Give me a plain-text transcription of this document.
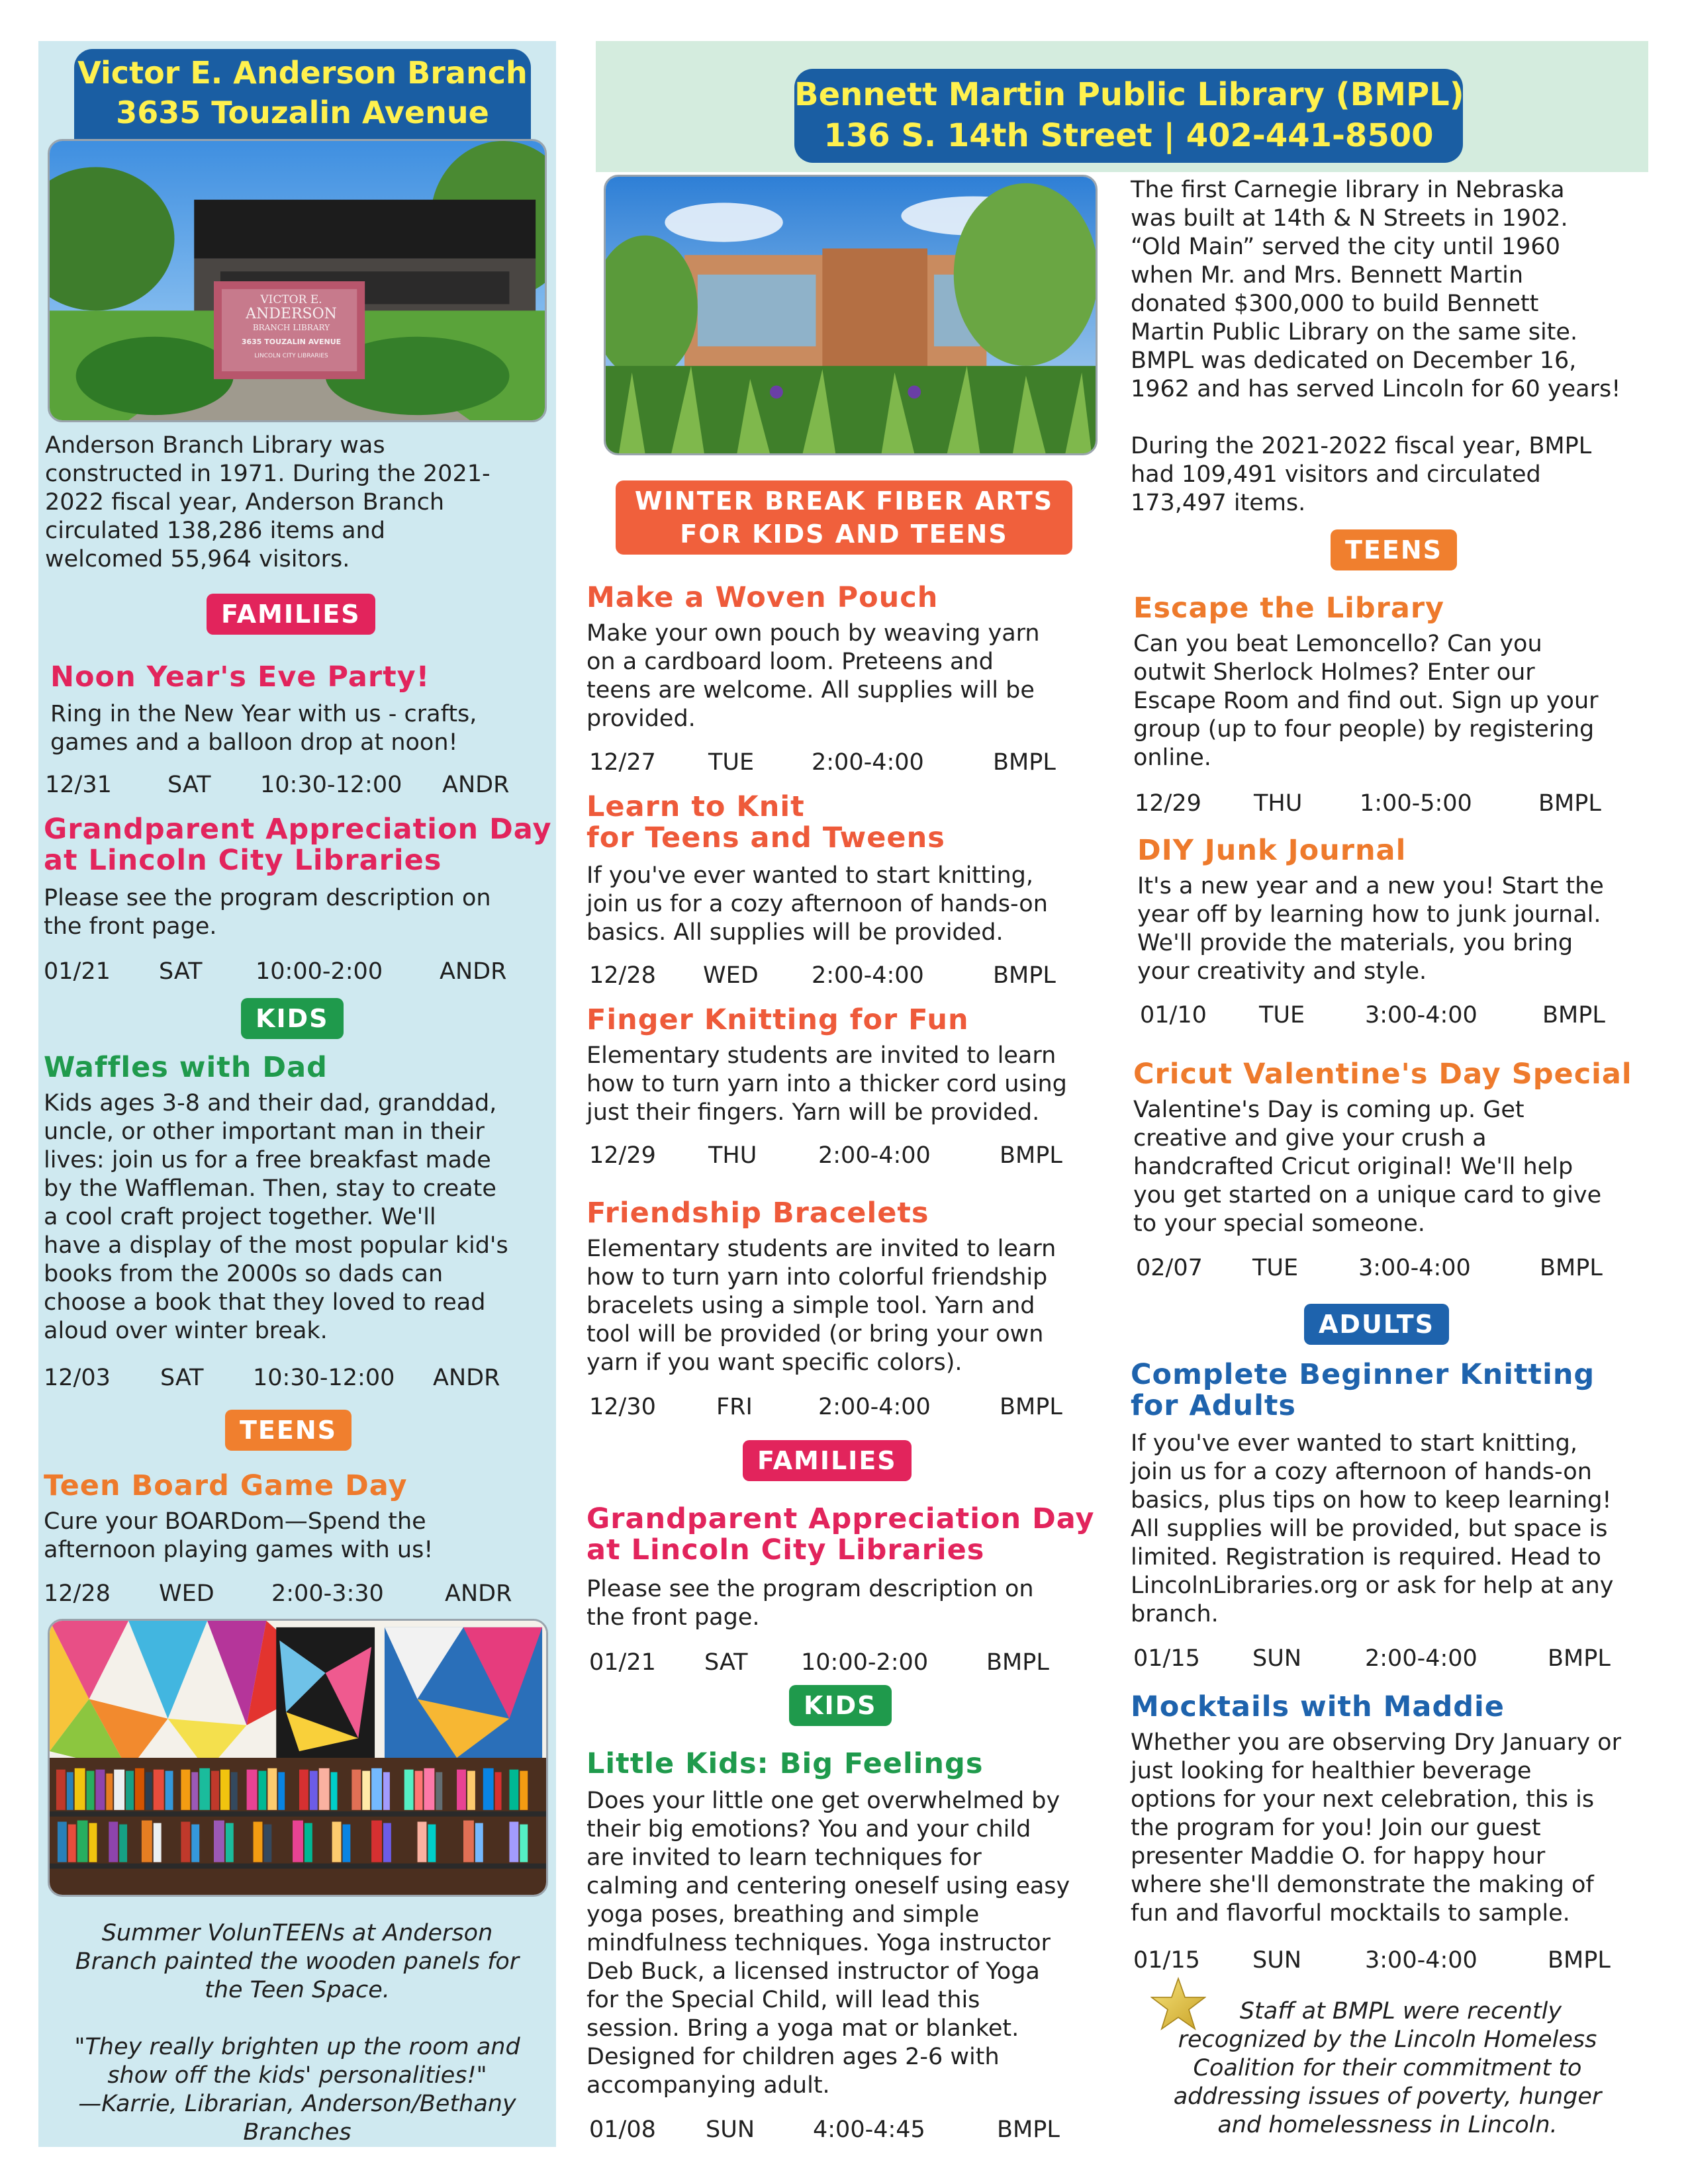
Victor E. Anderson Branch
3635 Touzalin Avenue
VICTOR E.
ANDERSON
BRANCH LIBRARY
3635 TOUZALIN AVENUE
LINCOLN CITY LIBRARIES
Anderson Branch Library was
constructed in 1971. During the 2021-
2022 fiscal year, Anderson Branch
circulated 138,286 items and
welcomed 55,964 visitors.
FAMILIES
Noon Year's Eve Party!
Ring in the New Year with us - crafts,
games and a balloon drop at noon!
12/31 SAT 10:30-12:00 ANDR
Grandparent Appreciation Day
at Lincoln City Libraries
Please see the program description on
the front page.
01/21 SAT 10:00-2:00 ANDR
KIDS
Waffles with Dad
Kids ages 3-8 and their dad, granddad,
uncle, or other important man in their
lives: join us for a free breakfast made
by the Waffleman. Then, stay to create
a cool craft project together. We'll
have a display of the most popular kid's
books from the 2000s so dads can
choose a book that they loved to read
aloud over winter break.
12/03 SAT 10:30-12:00 ANDR
TEENS
Teen Board Game Day
Cure your BOARDom—Spend the
afternoon playing games with us!
12/28 WED 2:00-3:30	ANDR
Summer VolunTEENs at Anderson
Branch painted the wooden panels for
the Teen Space.
"They really brighten up the room and
show off the kids' personalities!"
—Karrie, Librarian, Anderson/Bethany
Branches
Bennett Martin Public Library (BMPL)
136 S. 14th Street | 402-441-8500
The first Carnegie library in Nebraska
was built at 14th & N Streets in 1902.
“Old Main” served the city until 1960
when Mr. and Mrs. Bennett Martin
donated $300,000 to build Bennett
Martin Public Library on the same site.
BMPL was dedicated on December 16,
1962 and has served Lincoln for 60 years!
During the 2021-2022 fiscal year, BMPL
had 109,491 visitors and circulated
173,497 items.
WINTER BREAK FIBER ARTS
FOR KIDS AND TEENS
Make a Woven Pouch
Make your own pouch by weaving yarn
on a cardboard loom. Preteens and
teens are welcome. All supplies will be
provided.
12/27 TUE 2:00-4:00	BMPL
Learn to Knit
for Teens and Tweens
If you've ever wanted to start knitting,
join us for a cozy afternoon of hands-on
basics. All supplies will be provided.
12/28 WED 2:00-4:00	BMPL
Finger Knitting for Fun
Elementary students are invited to learn
how to turn yarn into a thicker cord using
just their fingers. Yarn will be provided.
12/29 THU	2:00-4:00	BMPL
Friendship Bracelets
Elementary students are invited to learn
how to turn yarn into colorful friendship
bracelets using a simple tool. Yarn and
tool will be provided (or bring your own
yarn if you want specific colors).
12/30	FRI	2:00-4:00	BMPL
FAMILIES
Grandparent Appreciation Day
at Lincoln City Libraries
Please see the program description on
the front page.
01/21 SAT 10:00-2:00	BMPL
KIDS
Little Kids: Big Feelings
Does your little one get overwhelmed by
their big emotions? You and your child
are invited to learn techniques for
calming and centering oneself using easy
yoga poses, breathing and simple
mindfulness techniques. Yoga instructor
Deb Buck, a licensed instructor of Yoga
for the Special Child, will lead this
session. Bring a yoga mat or blanket.
Designed for children ages 2-6 with
accompanying adult.
01/08 SUN	4:00-4:45	BMPL
TEENS
Escape the Library
Can you beat Lemoncello? Can you
outwit Sherlock Holmes? Enter our
Escape Room and find out. Sign up your
group (up to four people) by registering
online.
12/29 THU 1:00-5:00	BMPL
DIY Junk Journal
It's a new year and a new you! Start the
year off by learning how to junk journal.
We'll provide the materials, you bring
your creativity and style.
01/10 TUE	3:00-4:00	BMPL
Cricut Valentine's Day Special
Valentine's Day is coming up. Get
creative and give your crush a
handcrafted Cricut original! We'll help
you get started on a unique card to give
to your special someone.
02/07 TUE	3:00-4:00	BMPL
ADULTS
Complete Beginner Knitting
for Adults
If you've ever wanted to start knitting,
join us for a cozy afternoon of hands-on
basics, plus tips on how to keep learning!
All supplies will be provided, but space is
limited. Registration is required. Head to
LincolnLibraries.org or ask for help at any
branch.
01/15 SUN	2:00-4:00	BMPL
Mocktails with Maddie
Whether you are observing Dry January or
just looking for healthier beverage
options for your next celebration, this is
the program for you! Join our guest
presenter Maddie O. for happy hour
where she'll demonstrate the making of
fun and flavorful mocktails to sample.
01/15 SUN	3:00-4:00	BMPL
Staff at BMPL were recently
recognized by the Lincoln Homeless
Coalition for their commitment to
addressing issues of poverty, hunger
and homelessness in Lincoln.
